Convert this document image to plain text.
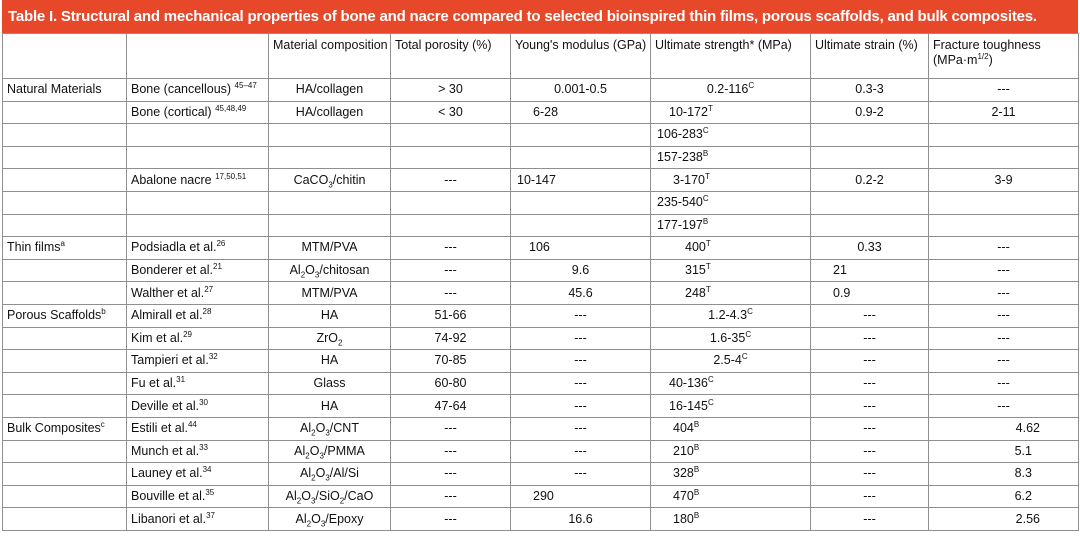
Table I. Structural and mechanical properties of bone and nacre compared to selected bioinspired thin films, porous scaffolds, and bulk composites.
		Material composition	Total porosity (%)	Young's modulus (GPa)	Ultimate strength* (MPa)	Ultimate strain (%)	Fracture toughness
$(MPa\cdot m^{1/2})$
Natural Materials	Bone (cancellous) $^{45-47}$	HA/collagen	> 30	0.001-0.5	$0.2-116^C$	0.3-3	---
	Bone (cortical) $^{45,48,49}$	HA/collagen	< 30	6-28	$10-172^T$	0.9-2	2-11
					$106-283^C$		
					$157-238^B$		
	Abalone nacre $^{17,50,51}$	CaCO$_3$/chitin	---	10-147	$3-170^T$	0.2-2	3-9
					$235-540^C$		
					$177-197^B$		
Thin films$^a$	Podsiadla et al.$^{26}$	MTM/PVA	---	106	$400^T$	0.33	---
	Bonderer et al.$^{21}$	$Al_2O_3$/chitosan	---	9.6	$315^T$	21	---
	Walther et al.$^{27}$	MTM/PVA	---	45.6	$248^T$	0.9	---
Porous Scaffolds$^b$	Almirall et al.$^{28}$	HA	51-66	---	$1.2-4.3^C$	---	---
	Kim et al.$^{29}$	ZrO$_2$	74-92	---	$1.6-35^C$	---	---
	Tampieri et al.$^{32}$	HA	70-85	---	$2.5-4^C$	---	---
	Fu et al.$^{31}$	Glass	60-80	---	$40-136^C$	---	---
	Deville et al.$^{30}$	HA	47-64	---	$16-145^C$	---	---
Bulk Composites$^c$	Estili et al.$^{44}$	$Al_2O_3$/CNT	---	---	$404^B$	---	4.62
	Munch et al.$^{33}$	$Al_2O_3$/PMMA	---	---	$210^B$	---	5.1
	Launey et al.$^{34}$	$Al_2O_3/Al/Si$	---	---	$328^B$	---	8.3
	Bouville et al.$^{35}$	$Al_2O_3/SiO_2$/CaO	---	290	$470^B$	---	6.2
	Libanori et al.$^{37}$	$Al_2O_3$/Epoxy	---	16.6	$180^B$	---	2.56
